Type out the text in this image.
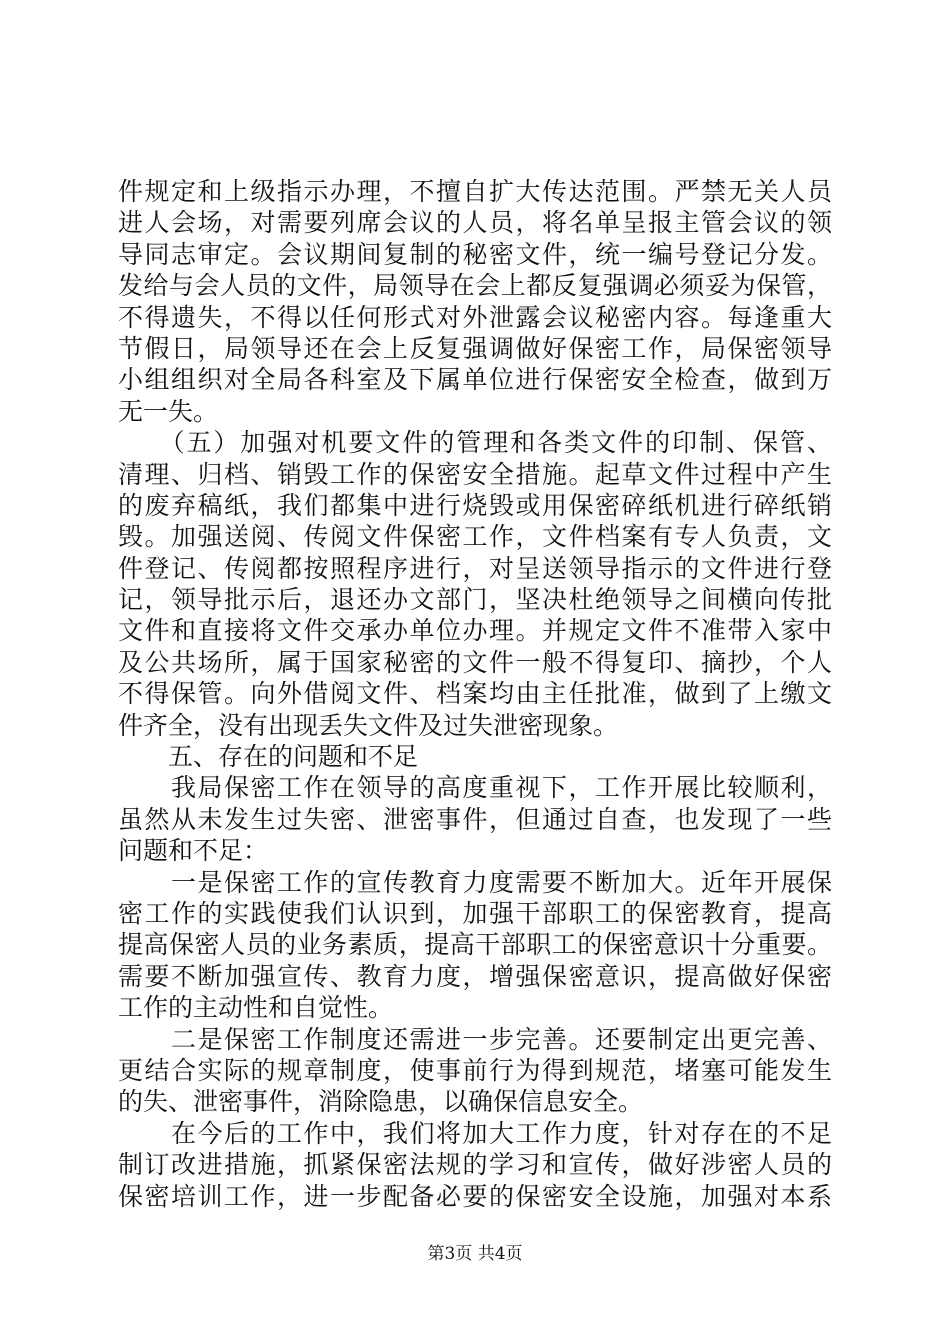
件规定和上级指示办理，不擅自扩大传达范围。严禁无关人员
进人会场，对需要列席会议的人员，将名单呈报主管会议的领
导同志审定。会议期间复制的秘密文件，统一编号登记分发。
发给与会人员的文件，局领导在会上都反复强调必须妥为保管，
不得遗失，不得以任何形式对外泄露会议秘密内容。每逢重大
节假日，局领导还在会上反复强调做好保密工作，局保密领导
小组组织对全局各科室及下属单位进行保密安全检查，做到万
无一失。
　　（五）加强对机要文件的管理和各类文件的印制、保管、
清理、归档、销毁工作的保密安全措施。起草文件过程中产生
的废弃稿纸，我们都集中进行烧毁或用保密碎纸机进行碎纸销
毁。加强送阅、传阅文件保密工作，文件档案有专人负责，文
件登记、传阅都按照程序进行，对呈送领导指示的文件进行登
记，领导批示后，退还办文部门，坚决杜绝领导之间横向传批
文件和直接将文件交承办单位办理。并规定文件不准带入家中
及公共场所，属于国家秘密的文件一般不得复印、摘抄，个人
不得保管。向外借阅文件、档案均由主任批准，做到了上缴文
件齐全，没有出现丢失文件及过失泄密现象。
　　五、存在的问题和不足
　　我局保密工作在领导的高度重视下，工作开展比较顺利，
虽然从未发生过失密、泄密事件，但通过自查，也发现了一些
问题和不足：
　　一是保密工作的宣传教育力度需要不断加大。近年开展保
密工作的实践使我们认识到，加强干部职工的保密教育，提高
提高保密人员的业务素质，提高干部职工的保密意识十分重要。
需要不断加强宣传、教育力度，增强保密意识，提高做好保密
工作的主动性和自觉性。
　　二是保密工作制度还需进一步完善。还要制定出更完善、
更结合实际的规章制度，使事前行为得到规范，堵塞可能发生
的失、泄密事件，消除隐患，以确保信息安全。
　　在今后的工作中，我们将加大工作力度，针对存在的不足
制订改进措施，抓紧保密法规的学习和宣传，做好涉密人员的
保密培训工作，进一步配备必要的保密安全设施，加强对本系
第3页 共4页
